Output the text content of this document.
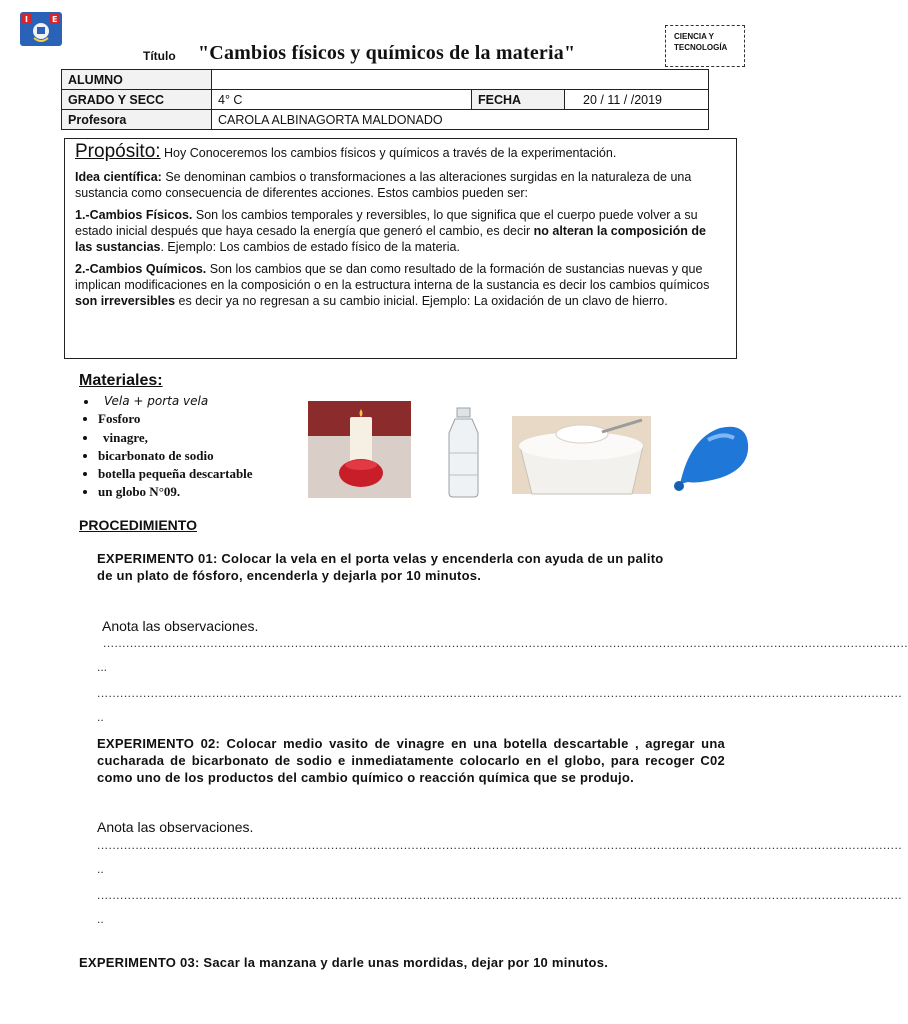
I	E
Título "Cambios físicos y químicos de la materia"
CIENCIA Y
TECNOLOGÍA
ALUMNO			
GRADO Y SECC	4° C	FECHA	20 / 11 / /2019
Profesora	CAROLA ALBINAGORTA MALDONADO		

Propósito: Hoy Conoceremos los cambios físicos y químicos a través de la experimentación.

Idea científica: Se denominan cambios o transformaciones a las alteraciones surgidas en la naturaleza de una sustancia como consecuencia de diferentes acciones. Estos cambios pueden ser:

1.-Cambios Físicos. Son los cambios temporales y reversibles, lo que significa que el cuerpo puede volver a su estado inicial después que haya cesado la energía que generó el cambio, es decir no alteran la composición de las sustancias. Ejemplo: Los cambios de estado físico de la materia.

2.-Cambios Químicos. Son los cambios que se dan como resultado de la formación de sustancias nuevas y que implican modificaciones en la composición o en la estructura interna de la sustancia es decir los cambios químicos son irreversibles es decir ya no regresan a su cambio inicial. Ejemplo: La oxidación de un clavo de hierro.

Materiales:
• Vela + porta vela
• Fosforo
• vinagre,
• bicarbonato de sodio
• botella pequeña descartable
• un globo N°09.
PROCEDIMIENTO
EXPERIMENTO 01: Colocar la vela en el porta velas y encenderla con ayuda de un palito
de un plato de fósforo, encenderla y dejarla por 10 minutos.
Anota las observaciones.
..................................................................................................................................................................................................................
...
..................................................................................................................................................................................................................
..
EXPERIMENTO 02: Colocar medio vasito de vinagre en una botella descartable , agregar una cucharada de bicarbonato de sodio e inmediatamente colocarlo en el globo, para recoger C02 como uno de los productos del cambio químico o reacción química que se produjo.
Anota las observaciones.
..................................................................................................................................................................................................................
..
..................................................................................................................................................................................................................
..
EXPERIMENTO 03: Sacar la manzana y darle unas mordidas, dejar por 10 minutos.
